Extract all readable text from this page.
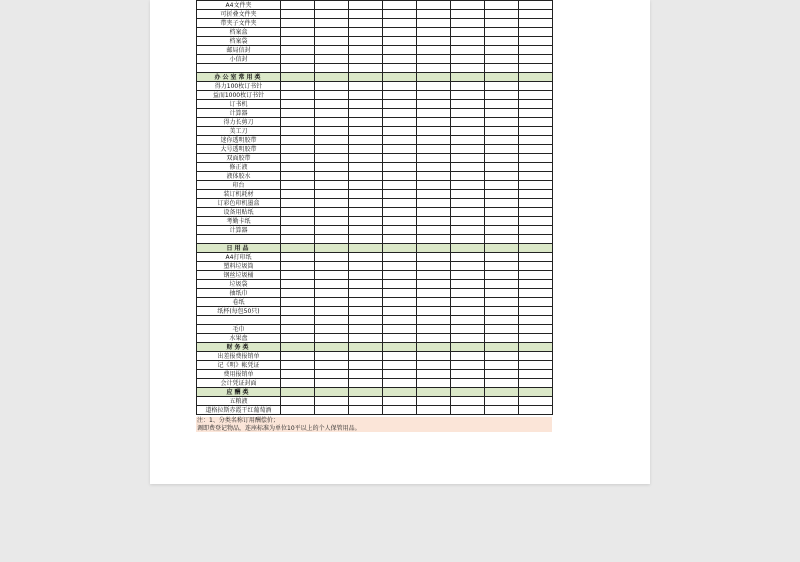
A4文件夹								
可折叠文件夹								
带夹子文件夹								
档案盒								
档案袋								
邮局信封								
小信封								

办公室常用类								
得力100枚订书针								
益而1000枚订书针								
订书机								
计算器								
得力长剪刀								
美工刀								
迷你透明胶带								
大号透明胶带								
双面胶带								
修正液								
液体胶水								
印台								
装订机耗材								
订彩色印机墨盒								
设备用贴纸								
考勤卡纸								
计算器								

日用品								
A4打印纸								
塑料垃圾筒								
钢丝垃圾桶								
垃圾袋								
抽纸巾								
卷纸								
纸杯(每包50只)								

毛巾								
水果盘								
财务类								
出差报费报销单								
记《明》帐凭证								
费用报销单								
会计凭证封面								
应酬类								
五粮液								
道格拉斯赤霞干红葡萄酒								
注：1、分类名称订用酬偿价；
调即费登记物品，连座标准为单位10平以上的个人保管用品。
